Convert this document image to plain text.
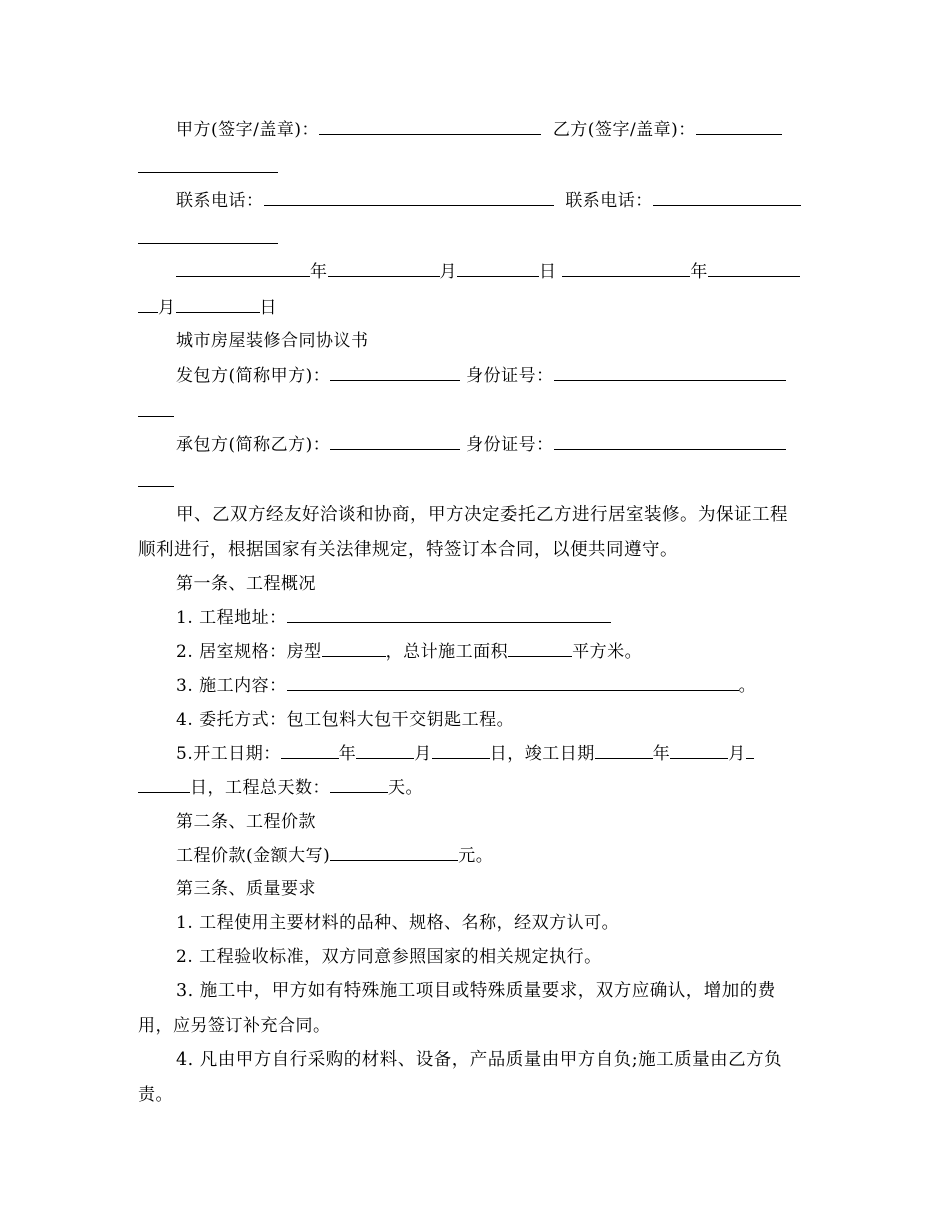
甲方(签字/盖章)：	乙方(签字/盖章)：
联系电话：	联系电话：
年	月	日	年
月	日
城市房屋装修合同协议书
发包方(简称甲方)：	身份证号：
承包方(简称乙方)：	身份证号：
甲、乙双方经友好洽谈和协商，甲方决定委托乙方进行居室装修。为保证工程
顺利进行，根据国家有关法律规定，特签订本合同，以便共同遵守。
第一条、工程概况
1. 工程地址：
2. 居室规格：房型	，总计施工面积	平方米。
3. 施工内容：	。
4. 委托方式：包工包料大包干交钥匙工程。
5.开工日期：	年	月	日，竣工日期	年	月
日，工程总天数：	天。
第二条、工程价款
工程价款(金额大写)	元。
第三条、质量要求
1. 工程使用主要材料的品种、规格、名称，经双方认可。
2. 工程验收标准，双方同意参照国家的相关规定执行。
3. 施工中，甲方如有特殊施工项目或特殊质量要求，双方应确认，增加的费
用，应另签订补充合同。
4. 凡由甲方自行采购的材料、设备，产品质量由甲方自负;施工质量由乙方负
责。
